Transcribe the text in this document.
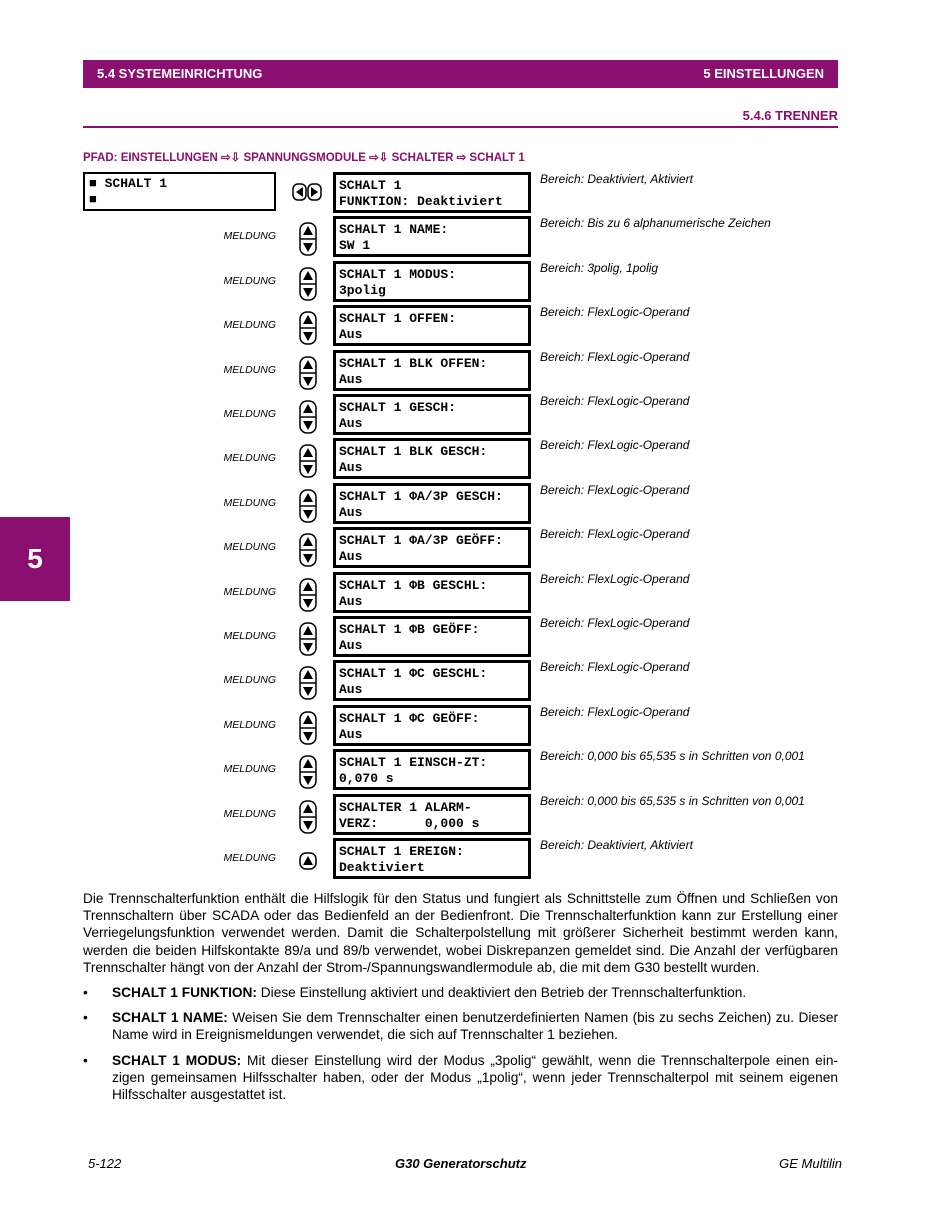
5.4 SYSTEMEINRICHTUNG	5 EINSTELLUNGEN
5.4.6 TRENNER
PFAD: EINSTELLUNGEN ⇨⇩ SPANNUNGSMODULE ⇨⇩ SCHALTER ⇨ SCHALT 1
5
■ SCHALT 1
■
SCHALT 1
FUNKTION: Deaktiviert
Bereich: Deaktiviert, Aktiviert
MELDUNG	SCHALT 1 NAME:
SW 1
Bereich: Bis zu 6 alphanumerische Zeichen
MELDUNG	SCHALT 1 MODUS:
3polig
Bereich: 3polig, 1polig
MELDUNG	SCHALT 1 OFFEN:
Aus
Bereich: FlexLogic-Operand
MELDUNG	SCHALT 1 BLK OFFEN:
Aus
Bereich: FlexLogic-Operand
MELDUNG	SCHALT 1 GESCH:
Aus
Bereich: FlexLogic-Operand
MELDUNG	SCHALT 1 BLK GESCH:
Aus
Bereich: FlexLogic-Operand
MELDUNG	SCHALT 1 ΦA/3P GESCH:
Aus
Bereich: FlexLogic-Operand
MELDUNG	SCHALT 1 ΦA/3P GEÖFF:
Aus
Bereich: FlexLogic-Operand
MELDUNG	SCHALT 1 ΦB GESCHL:
Aus
Bereich: FlexLogic-Operand
MELDUNG	SCHALT 1 ΦB GEÖFF:
Aus
Bereich: FlexLogic-Operand
MELDUNG	SCHALT 1 ΦC GESCHL:
Aus
Bereich: FlexLogic-Operand
MELDUNG	SCHALT 1 ΦC GEÖFF:
Aus
Bereich: FlexLogic-Operand
MELDUNG	SCHALT 1 EINSCH-ZT:
0,070 s
Bereich: 0,000 bis 65,535 s in Schritten von 0,001
MELDUNG	SCHALTER 1 ALARM-
VERZ:      0,000 s
Bereich: 0,000 bis 65,535 s in Schritten von 0,001
MELDUNG	SCHALT 1 EREIGN:
Deaktiviert
Bereich: Deaktiviert, Aktiviert

Die Trennschalterfunktion enthält die Hilfslogik für den Status und fungiert als Schnittstelle zum Öffnen und Schließen von Trennschaltern über SCADA oder das Bedienfeld an der Bedienfront. Die Trennschalterfunktion kann zur Erstellung einer Verriegelungsfunktion verwendet werden. Damit die Schalterpolstellung mit größerer Sicherheit bestimmt werden kann, werden die beiden Hilfskontakte 89/a und 89/b verwendet, wobei Diskrepanzen gemeldet sind. Die Anzahl der verfügbaren Trennschalter hängt von der Anzahl der Strom-/Spannungswandlermodule ab, die mit dem G30 bestellt wurden.

• SCHALT 1 FUNKTION: Diese Einstellung aktiviert und deaktiviert den Betrieb der Trennschalterfunktion.
• SCHALT 1 NAME: Weisen Sie dem Trennschalter einen benutzerdefinierten Namen (bis zu sechs Zeichen) zu. Dieser Name wird in Ereignismeldungen verwendet, die sich auf Trennschalter 1 beziehen.
• SCHALT 1 MODUS: Mit dieser Einstellung wird der Modus „3polig“ gewählt, wenn die Trennschalterpole einen ein-zigen gemeinsamen Hilfsschalter haben, oder der Modus „1polig“, wenn jeder Trennschalterpol mit seinem eigenen Hilfsschalter ausgestattet ist.
5-122	G30 Generatorschutz	GE Multilin
